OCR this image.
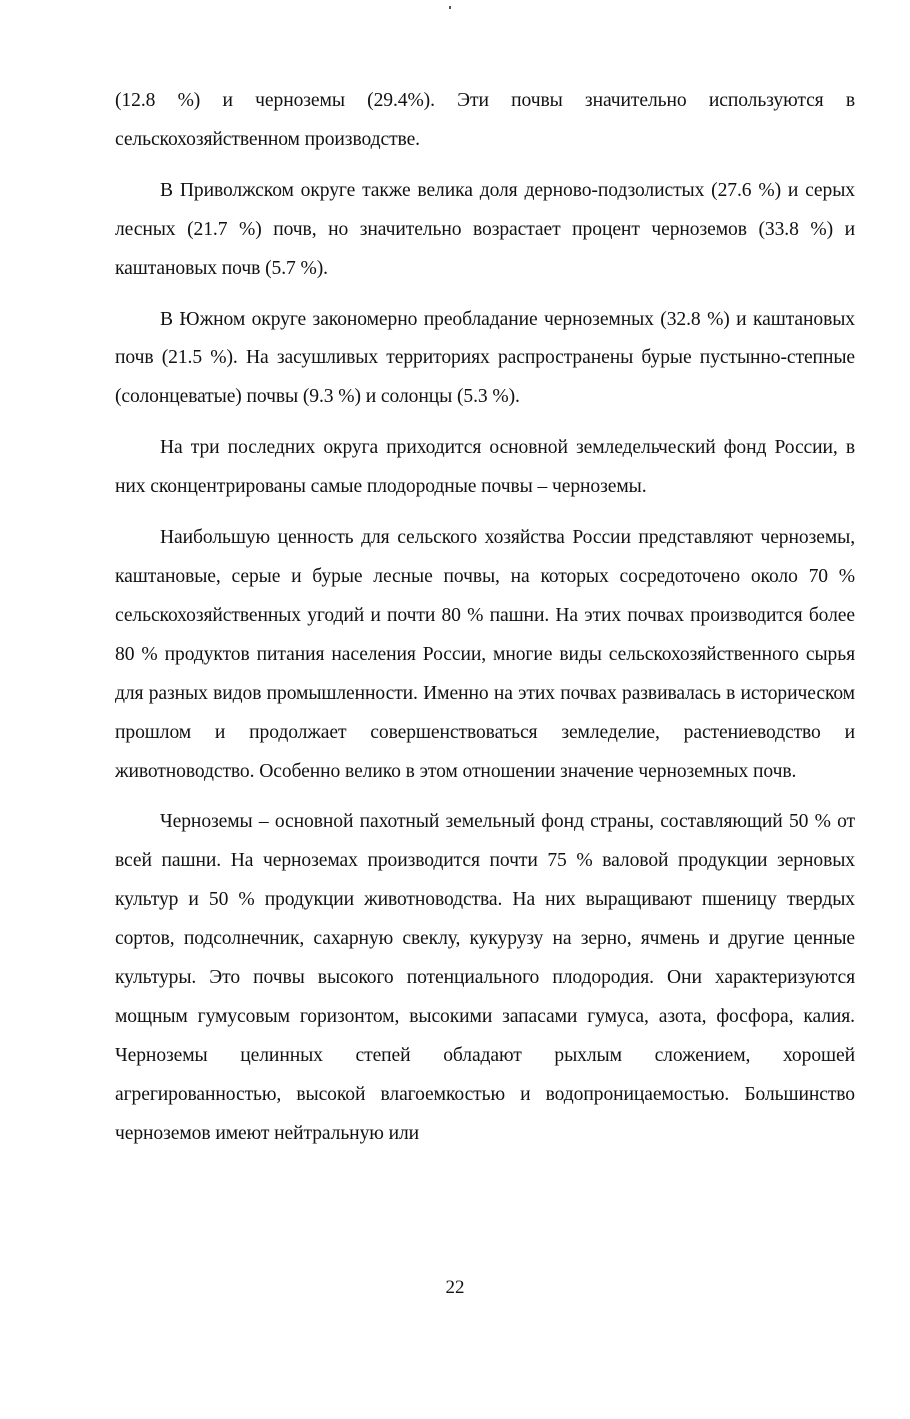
(12.8 %) и черноземы (29.4%). Эти почвы значительно используются в сельскохозяйственном производстве.

В Приволжском округе также велика доля дерново-подзолистых (27.6 %) и серых лесных (21.7 %) почв, но значительно возрастает процент черноземов (33.8 %) и каштановых почв (5.7 %).

В Южном округе закономерно преобладание черноземных (32.8 %) и каштановых почв (21.5 %). На засушливых территориях распространены бурые пустынно-степные (солонцеватые) почвы (9.3 %) и солонцы (5.3 %).

На три последних округа приходится основной земледельческий фонд России, в них сконцентрированы самые плодородные почвы – черноземы.

Наибольшую ценность для сельского хозяйства России представляют черноземы, каштановые, серые и бурые лесные почвы, на которых сосредоточено около 70 % сельскохозяйственных угодий и почти 80 % пашни. На этих почвах производится более 80 % продуктов питания населения России, многие виды сельскохозяйственного сырья для разных видов промышленности. Именно на этих почвах развивалась в историческом прошлом и продолжает совершенствоваться земледелие, растениеводство и животноводство. Особенно велико в этом отношении значение черноземных почв.

Черноземы – основной пахотный земельный фонд страны, составляющий 50 % от всей пашни. На черноземах производится почти 75 % валовой продукции зерновых культур и 50 % продукции животноводства. На них выращивают пшеницу твердых сортов, подсолнечник, сахарную свеклу, кукурузу на зерно, ячмень и другие ценные культуры. Это почвы высокого потенциального плодородия. Они характеризуются мощным гумусовым горизонтом, высокими запасами гумуса, азота, фосфора, калия. Черноземы целинных степей обладают рыхлым сложением, хорошей агрегированностью, высокой влагоемкостью и водопроницаемостью. Большинство черноземов имеют нейтральную или

22
